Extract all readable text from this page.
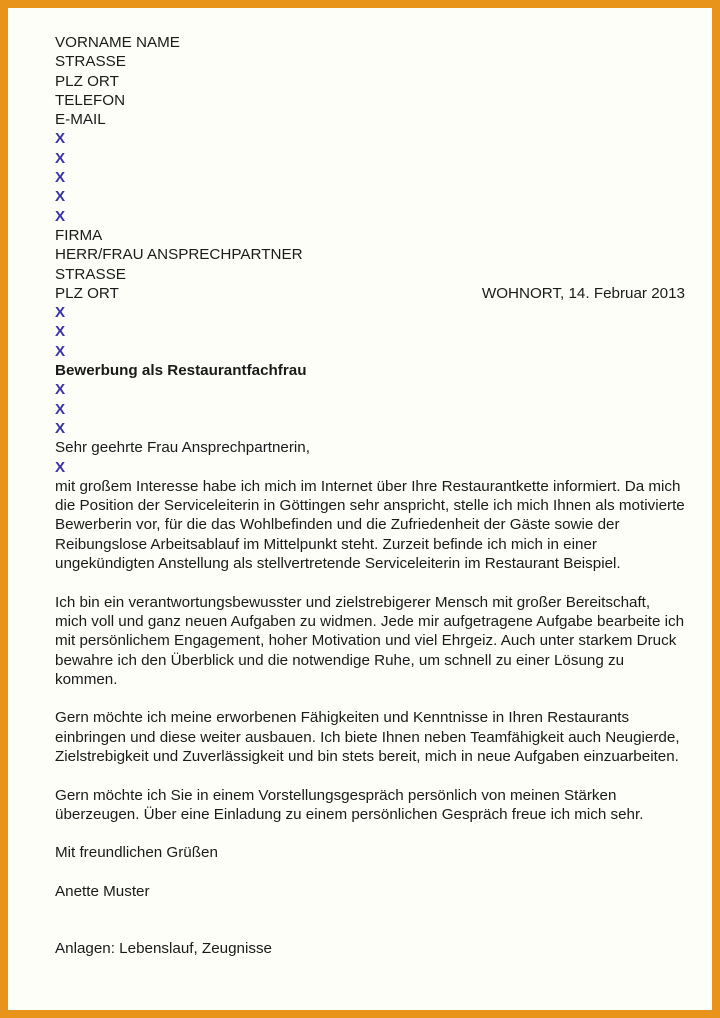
VORNAME NAME
STRASSE
PLZ ORT
TELEFON
E-MAIL
X
X
X
X
X
FIRMA
HERR/FRAU ANSPRECHPARTNER
STRASSE
PLZ ORT	WOHNORT, 14. Februar 2013
X
X
X
Bewerbung als Restaurantfachfrau
X
X
X
Sehr geehrte Frau Ansprechpartnerin,
X
mit großem Interesse habe ich mich im Internet über Ihre Restaurantkette informiert. Da mich
die Position der Serviceleiterin in Göttingen sehr anspricht, stelle ich mich Ihnen als motivierte
Bewerberin vor, für die das Wohlbefinden und die Zufriedenheit der Gäste sowie der
Reibungslose Arbeitsablauf im Mittelpunkt steht. Zurzeit befinde ich mich in einer
ungekündigten Anstellung als stellvertretende Serviceleiterin im Restaurant Beispiel.
Ich bin ein verantwortungsbewusster und zielstrebigerer Mensch mit großer Bereitschaft,
mich voll und ganz neuen Aufgaben zu widmen. Jede mir aufgetragene Aufgabe bearbeite ich
mit persönlichem Engagement, hoher Motivation und viel Ehrgeiz. Auch unter starkem Druck
bewahre ich den Überblick und die notwendige Ruhe, um schnell zu einer Lösung zu
kommen.
Gern möchte ich meine erworbenen Fähigkeiten und Kenntnisse in Ihren Restaurants
einbringen und diese weiter ausbauen. Ich biete Ihnen neben Teamfähigkeit auch Neugierde,
Zielstrebigkeit und Zuverlässigkeit und bin stets bereit, mich in neue Aufgaben einzuarbeiten.
Gern möchte ich Sie in einem Vorstellungsgespräch persönlich von meinen Stärken
überzeugen. Über eine Einladung zu einem persönlichen Gespräch freue ich mich sehr.
Mit freundlichen Grüßen
Anette Muster
Anlagen: Lebenslauf, Zeugnisse
